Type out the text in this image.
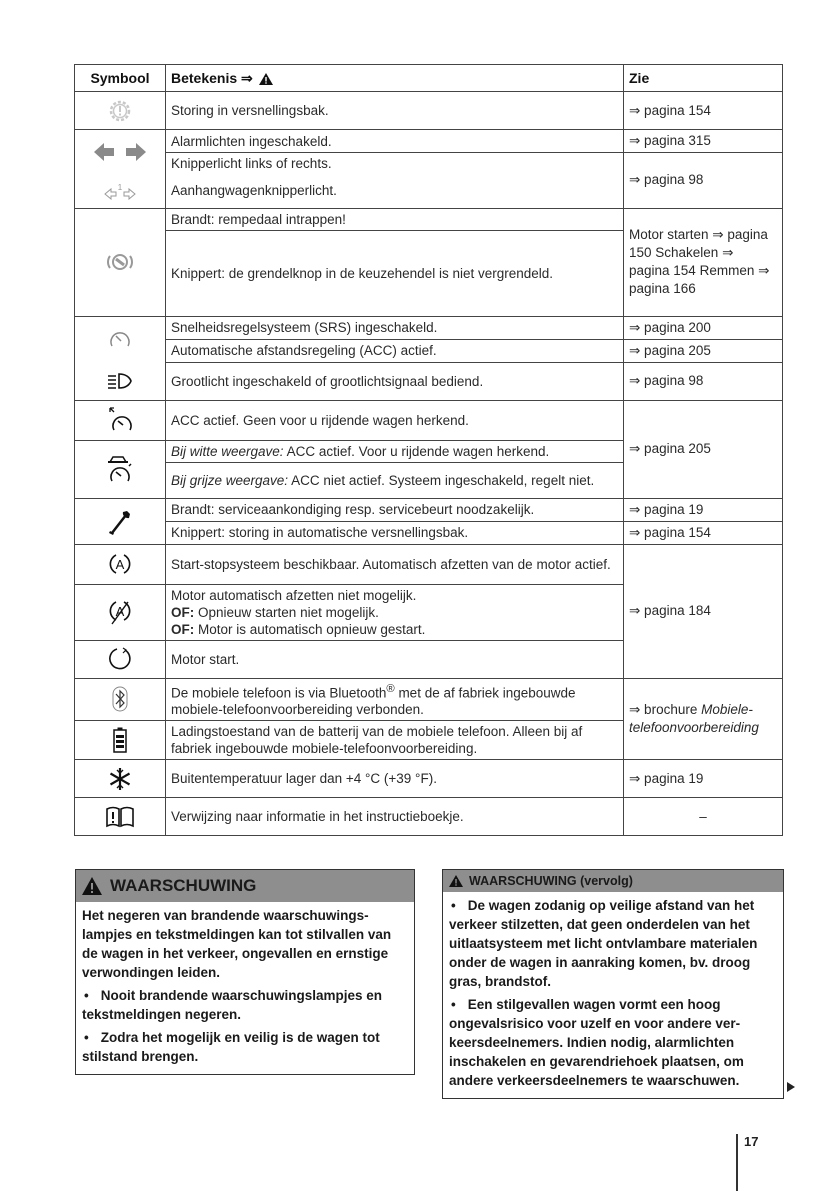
Symbool	Betekenis ⇒	Zie

	Storing in versnellingsbak.	⇒ pagina 154

	Alarmlichten ingeschakeld.	⇒ pagina 315
	Knipperlicht links of rechts.	⇒ pagina 98

1	Aanhangwagenknipperlicht.	

	Brandt: rempedaal intrappen!	Motor starten ⇒ pagina 150 Schakelen ⇒ pagina 154 Remmen ⇒ pagina 166
	Knippert: de grendelknop in de keuzehendel is niet vergrendeld.	

	Snelheidsregelsysteem (SRS) ingeschakeld.	⇒ pagina 200
	Automatische afstandsregeling (ACC) actief.	⇒ pagina 205

	Grootlicht ingeschakeld of grootlichtsignaal bediend.	⇒ pagina 98

	ACC actief. Geen voor u rijdende wagen herkend.	⇒ pagina 205

	Bij witte weergave: ACC actief. Voor u rijdende wagen herkend.	
	Bij grijze weergave: ACC niet actief. Systeem ingeschakeld, regelt niet.	

	Brandt: serviceaankondiging resp. servicebeurt noodzakelijk.	⇒ pagina 19
	Knippert: storing in automatische versnellingsbak.	⇒ pagina 154

A	Start-stopsysteem beschikbaar. Automatisch afzetten van de motor actief.	⇒ pagina 184

A	Motor automatisch afzetten niet mogelijk.
OF: Opnieuw starten niet mogelijk.
OF: Motor is automatisch opnieuw gestart.	

	Motor start.	

	De mobiele telefoon is via Bluetooth® met de af fabriek ingebouwde mobiele-telefoonvoorbereiding verbonden.	⇒ brochure Mobiele-telefoonvoorbereiding

	Ladingstoestand van de batterij van de mobiele telefoon. Alleen bij af fabriek ingebouwde mobiele-telefoonvoorbereiding.	

	Buitentemperatuur lager dan +4 °C (+39 °F).	⇒ pagina 19

	Verwijzing naar informatie in het instructieboekje.	–
WAARSCHUWING

Het negeren van brandende waarschuwingslampjes en tekstmeldingen kan tot stilvallen van de wagen in het verkeer, ongevallen en ernstige verwondingen leiden.

• Nooit brandende waarschuwingslampjes en tekstmeldingen negeren.

• Zodra het mogelijk en veilig is de wagen tot stilstand brengen.

WAARSCHUWING (vervolg)

• De wagen zodanig op veilige afstand van het verkeer stilzetten, dat geen onderdelen van het uitlaatsysteem met licht ontvlambare materialen onder de wagen in aanraking komen, bv. droog gras, brandstof.

• Een stilgevallen wagen vormt een hoog ongevalsrisico voor uzelf en voor andere verkeersdeelnemers. Indien nodig, alarmlichten inschakelen en gevarendriehoek plaatsen, om andere verkeersdeelnemers te waarschuwen.

17
